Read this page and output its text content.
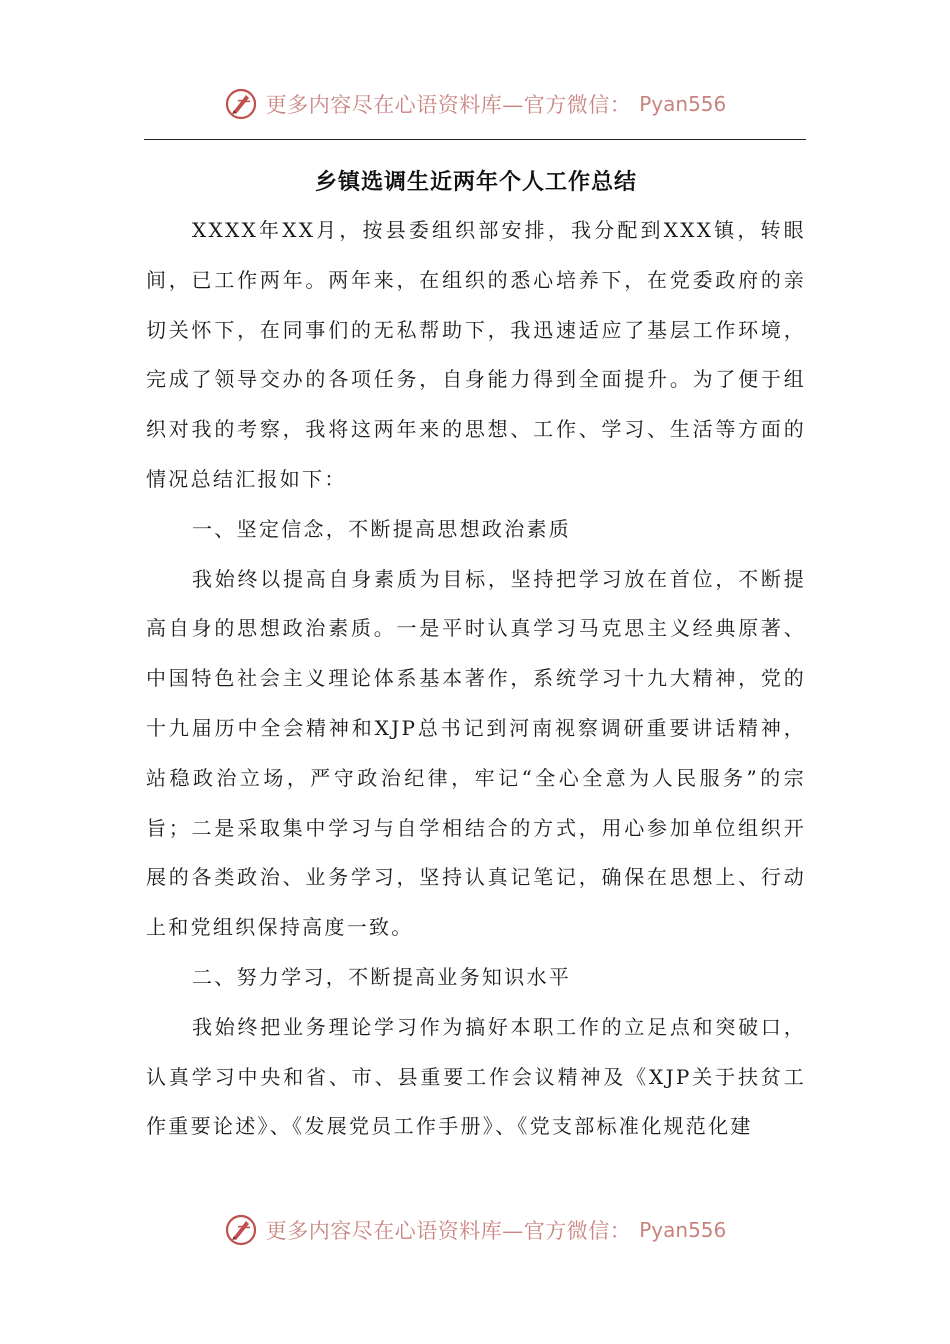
更多内容尽在心语资料库—官方微信： Pyan556
乡镇选调生近两年个人工作总结

XXXX年XX月，按县委组织部安排，我分配到XXX镇，转眼间，已工作两年。两年来，在组织的悉心培养下，在党委政府的亲切关怀下，在同事们的无私帮助下，我迅速适应了基层工作环境，完成了领导交办的各项任务，自身能力得到全面提升。为了便于组织对我的考察，我将这两年来的思想、工作、学习、生活等方面的情况总结汇报如下：

一、坚定信念，不断提高思想政治素质

我始终以提高自身素质为目标，坚持把学习放在首位，不断提高自身的思想政治素质。一是平时认真学习马克思主义经典原著、中国特色社会主义理论体系基本著作，系统学习十九大精神，党的十九届历中全会精神和XJP总书记到河南视察调研重要讲话精神，站稳政治立场，严守政治纪律，牢记“全心全意为人民服务”的宗旨；二是采取集中学习与自学相结合的方式，用心参加单位组织开展的各类政治、业务学习，坚持认真记笔记，确保在思想上、行动上和党组织保持高度一致。

二、努力学习，不断提高业务知识水平

我始终把业务理论学习作为搞好本职工作的立足点和突破口，认真学习中央和省、市、县重要工作会议精神及《XJP关于扶贫工作重要论述》、《发展党员工作手册》、《党支部标准化规范化建

更多内容尽在心语资料库—官方微信： Pyan556
